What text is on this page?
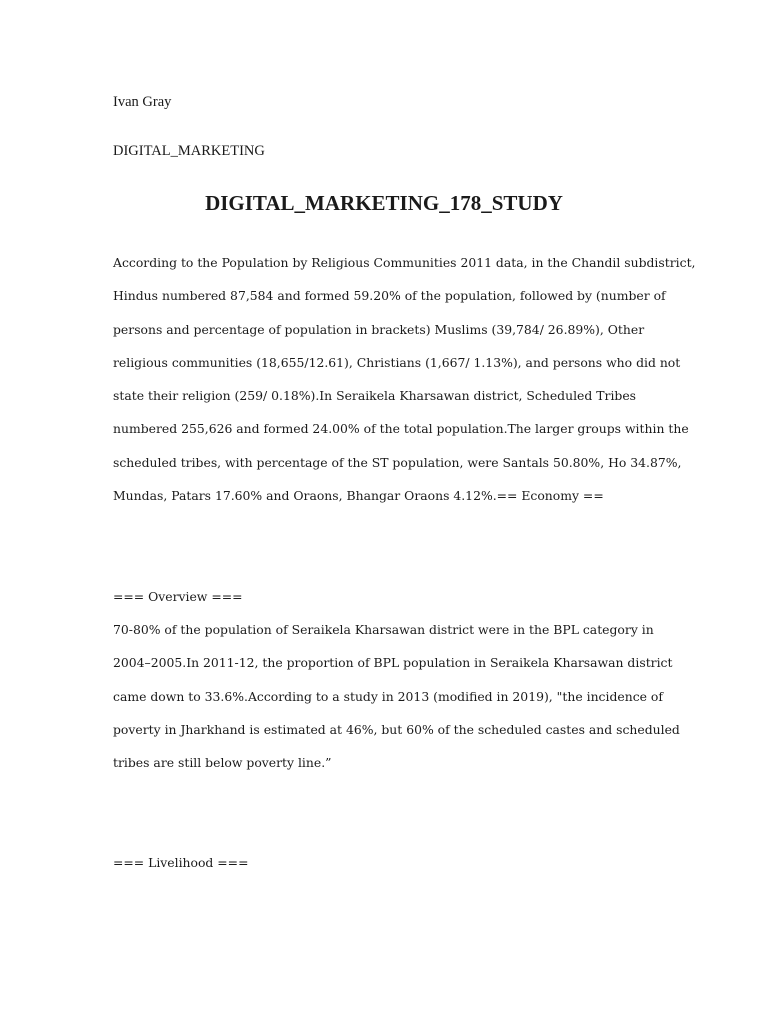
Ivan Gray

DIGITAL_MARKETING

DIGITAL_MARKETING_178_STUDY

According to the Population by Religious Communities 2011 data, in the Chandil subdistrict,
Hindus numbered 87,584 and formed 59.20% of the population, followed by (number of
persons and percentage of population in brackets) Muslims (39,784/ 26.89%), Other
religious communities (18,655/12.61), Christians (1,667/ 1.13%), and persons who did not
state their religion (259/ 0.18%).In Seraikela Kharsawan district, Scheduled Tribes
numbered 255,626 and formed 24.00% of the total population.The larger groups within the
scheduled tribes, with percentage of the ST population, were Santals 50.80%, Ho 34.87%,
Mundas, Patars 17.60% and Oraons, Bhangar Oraons 4.12%.== Economy ==

=== Overview ===

70-80% of the population of Seraikela Kharsawan district were in the BPL category in
2004–2005.In 2011-12, the proportion of BPL population in Seraikela Kharsawan district
came down to 33.6%.According to a study in 2013 (modified in 2019), "the incidence of
poverty in Jharkhand is estimated at 46%, but 60% of the scheduled castes and scheduled
tribes are still below poverty line.”

=== Livelihood ===
